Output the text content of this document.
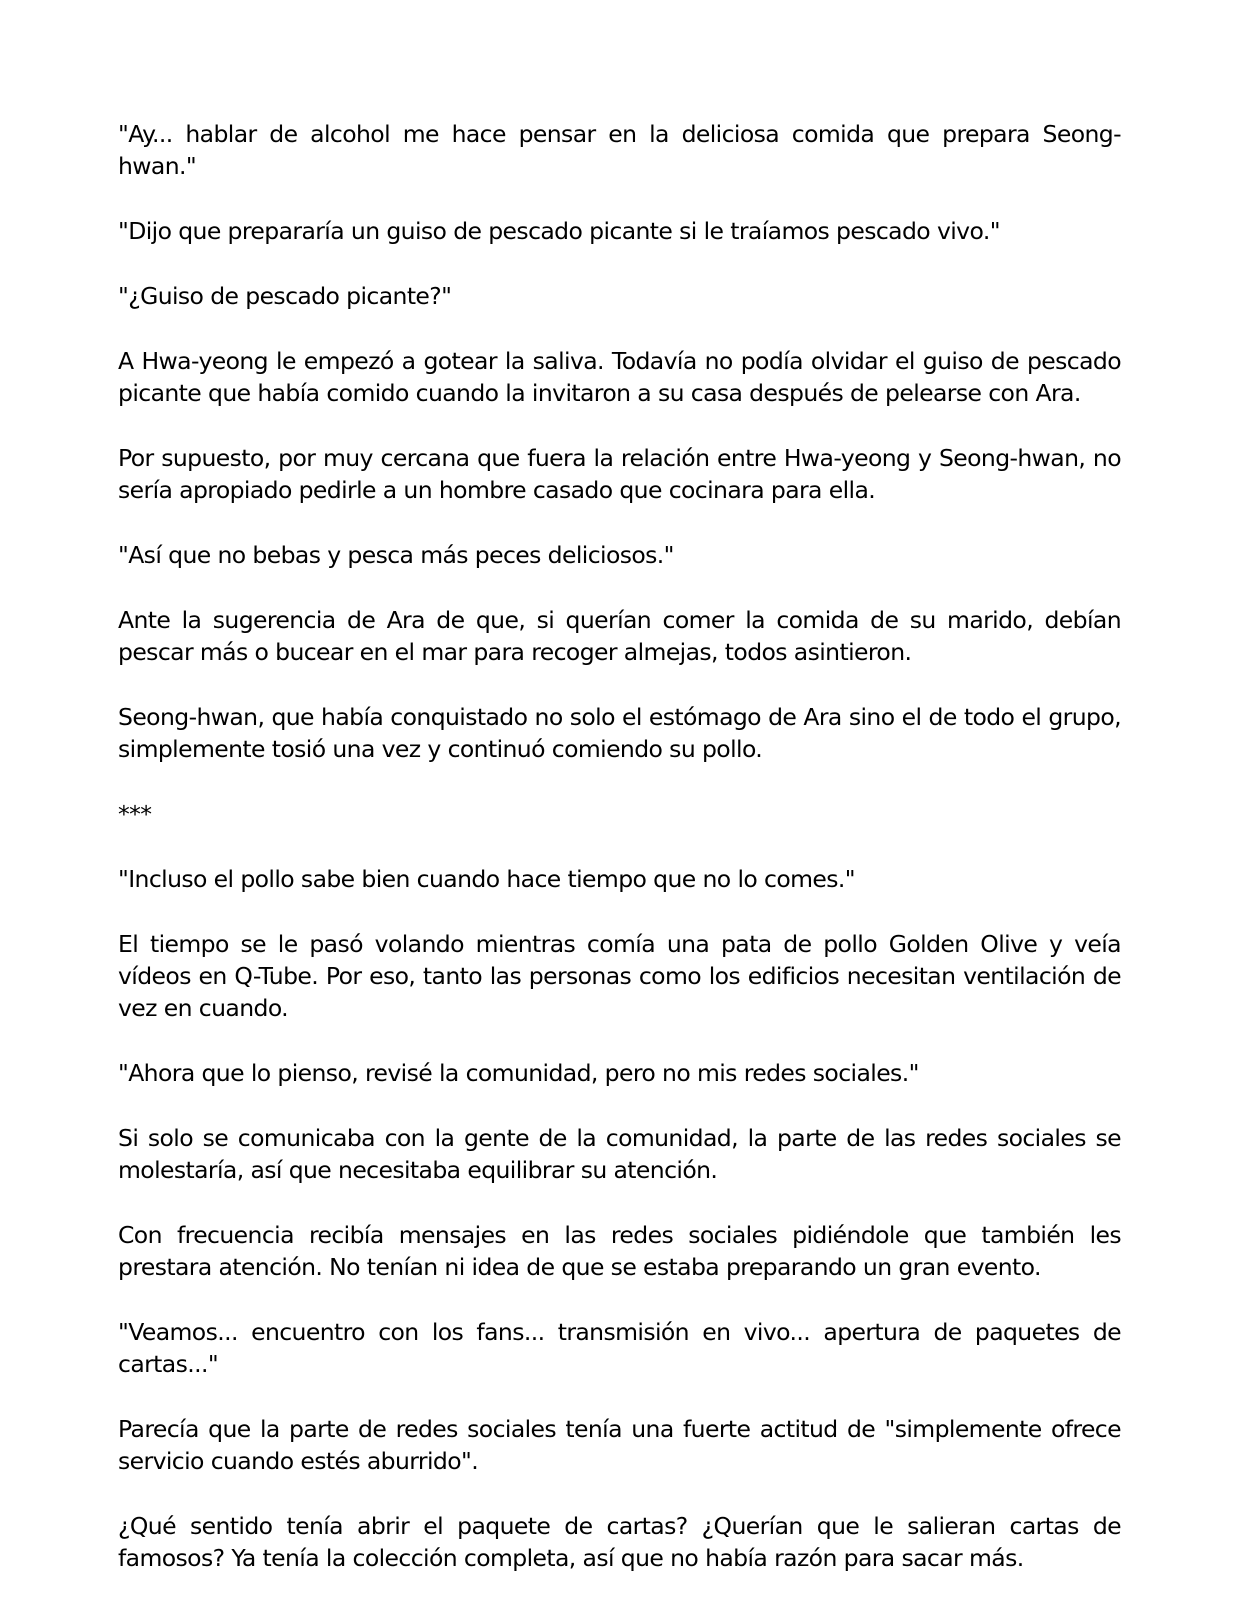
"Ay... hablar de alcohol me hace pensar en la deliciosa comida que prepara Seong-hwan."

"Dijo que prepararía un guiso de pescado picante si le traíamos pescado vivo."

"¿Guiso de pescado picante?"

A Hwa-yeong le empezó a gotear la saliva. Todavía no podía olvidar el guiso de pescado picante que había comido cuando la invitaron a su casa después de pelearse con Ara.

Por supuesto, por muy cercana que fuera la relación entre Hwa-yeong y Seong-hwan, no sería apropiado pedirle a un hombre casado que cocinara para ella.

"Así que no bebas y pesca más peces deliciosos."

Ante la sugerencia de Ara de que, si querían comer la comida de su marido, debían pescar más o bucear en el mar para recoger almejas, todos asintieron.

Seong-hwan, que había conquistado no solo el estómago de Ara sino el de todo el grupo, simplemente tosió una vez y continuó comiendo su pollo.

***

"Incluso el pollo sabe bien cuando hace tiempo que no lo comes."

El tiempo se le pasó volando mientras comía una pata de pollo Golden Olive y veía vídeos en Q-Tube. Por eso, tanto las personas como los edificios necesitan ventilación de vez en cuando.

"Ahora que lo pienso, revisé la comunidad, pero no mis redes sociales."

Si solo se comunicaba con la gente de la comunidad, la parte de las redes sociales se molestaría, así que necesitaba equilibrar su atención.

Con frecuencia recibía mensajes en las redes sociales pidiéndole que también les prestara atención. No tenían ni idea de que se estaba preparando un gran evento.

"Veamos... encuentro con los fans... transmisión en vivo... apertura de paquetes de cartas..."

Parecía que la parte de redes sociales tenía una fuerte actitud de "simplemente ofrece servicio cuando estés aburrido".

¿Qué sentido tenía abrir el paquete de cartas? ¿Querían que le salieran cartas de famosos? Ya tenía la colección completa, así que no había razón para sacar más.
